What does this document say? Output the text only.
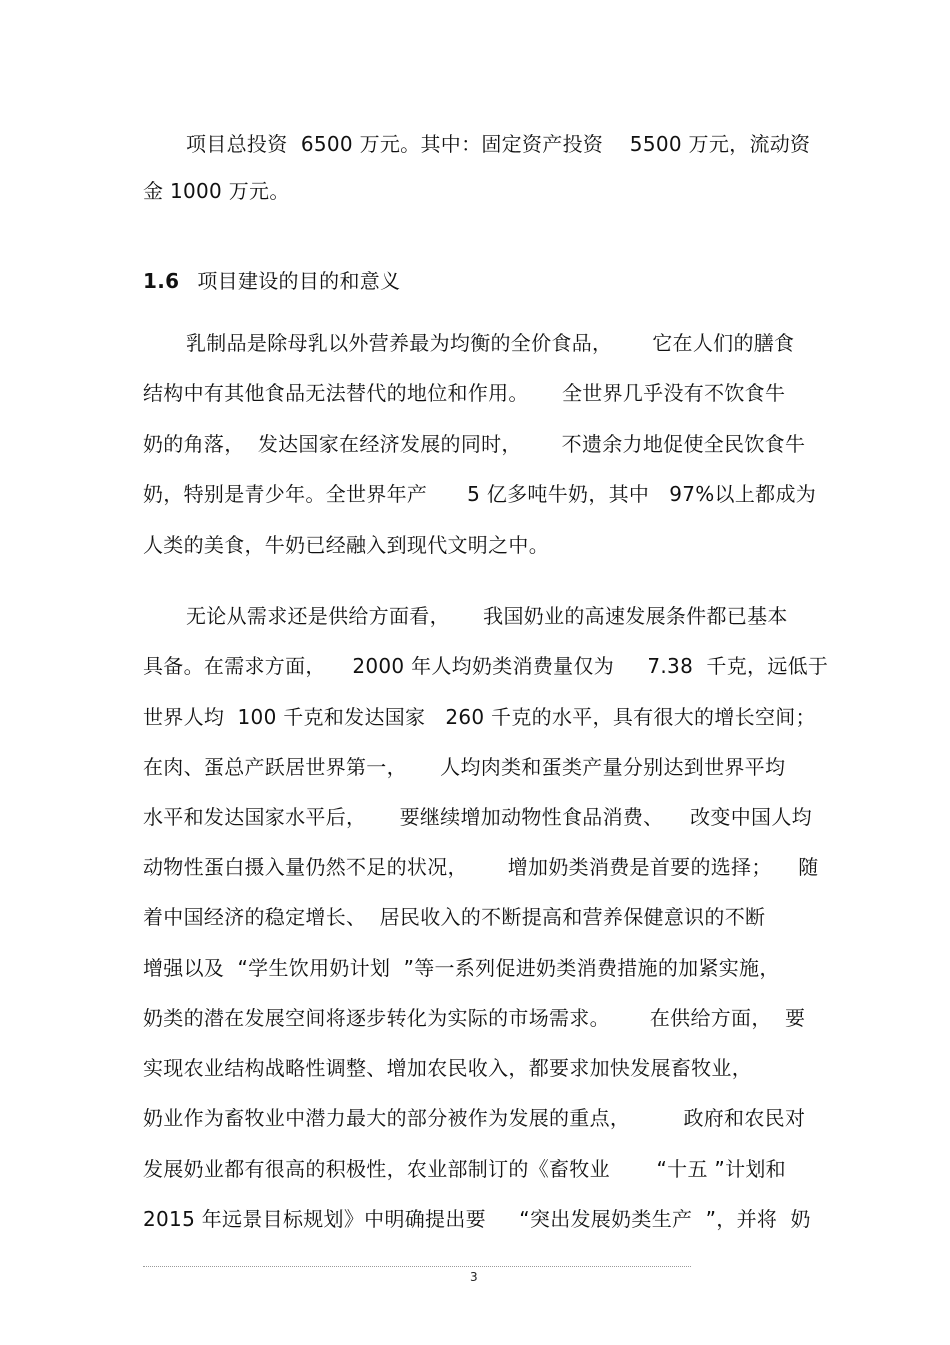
项目总投资  6500 万元。其中：固定资产投资    5500 万元，流动资
金 1000 万元。
1.6 项目建设的目的和意义
乳制品是除母乳以外营养最为均衡的全价食品，      它在人们的膳食
结构中有其他食品无法替代的地位和作用。     全世界几乎没有不饮食牛
奶的角落，  发达国家在经济发展的同时，      不遗余力地促使全民饮食牛
奶，特别是青少年。全世界年产      5 亿多吨牛奶，其中   97%以上都成为
人类的美食，牛奶已经融入到现代文明之中。
无论从需求还是供给方面看，     我国奶业的高速发展条件都已基本
具备。在需求方面，    2000 年人均奶类消费量仅为     7.38  千克，远低于
世界人均  100 千克和发达国家   260 千克的水平，具有很大的增长空间；
在肉、蛋总产跃居世界第一，     人均肉类和蛋类产量分别达到世界平均
水平和发达国家水平后，     要继续增加动物性食品消费、    改变中国人均
动物性蛋白摄入量仍然不足的状况，      增加奶类消费是首要的选择；    随
着中国经济的稳定增长、  居民收入的不断提高和营养保健意识的不断
增强以及  “学生饮用奶计划  ”等一系列促进奶类消费措施的加紧实施，
奶类的潜在发展空间将逐步转化为实际的市场需求。      在供给方面，  要
实现农业结构战略性调整、增加农民收入，都要求加快发展畜牧业，
奶业作为畜牧业中潜力最大的部分被作为发展的重点，        政府和农民对
发展奶业都有很高的积极性，农业部制订的《畜牧业       “十五 ”计划和
2015 年远景目标规划》中明确提出要     “突出发展奶类生产  ”，并将  奶
3
